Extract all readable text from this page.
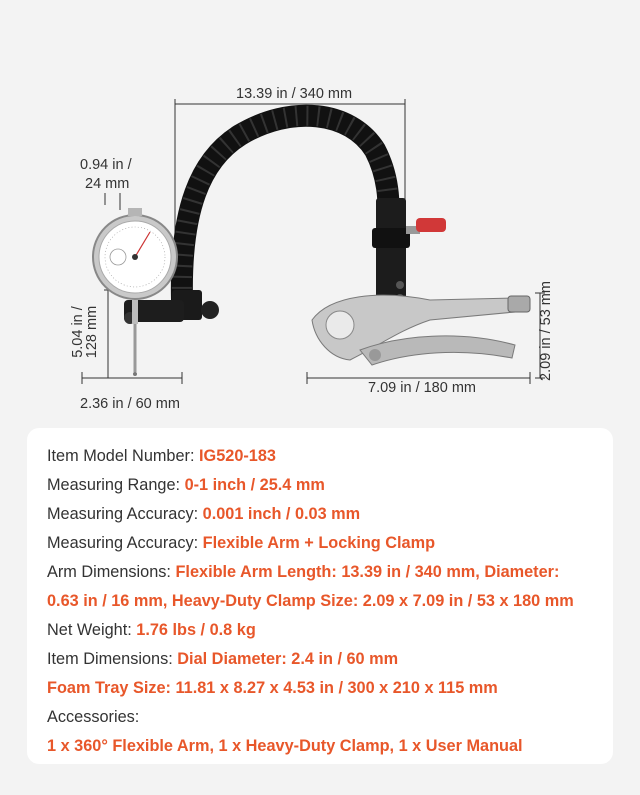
13.39 in / 340 mm
0.94 in /
24 mm
5.04 in /
128 mm
2.36 in / 60 mm
7.09 in / 180 mm
2.09 in / 53 mm
Item Model Number: IG520-183
Measuring Range: 0-1 inch / 25.4 mm
Measuring Accuracy: 0.001 inch / 0.03 mm
Measuring Accuracy: Flexible Arm + Locking Clamp
Arm Dimensions: Flexible Arm Length: 13.39 in / 340 mm, Diameter:
0.63 in / 16 mm, Heavy-Duty Clamp Size: 2.09 x 7.09 in / 53 x 180 mm
Net Weight: 1.76 lbs / 0.8 kg
Item Dimensions: Dial Diameter: 2.4 in / 60 mm
Foam Tray Size: 11.81 x 8.27 x 4.53 in / 300 x 210 x 115 mm
Accessories:
1 x 360° Flexible Arm, 1 x Heavy-Duty Clamp, 1 x User Manual
